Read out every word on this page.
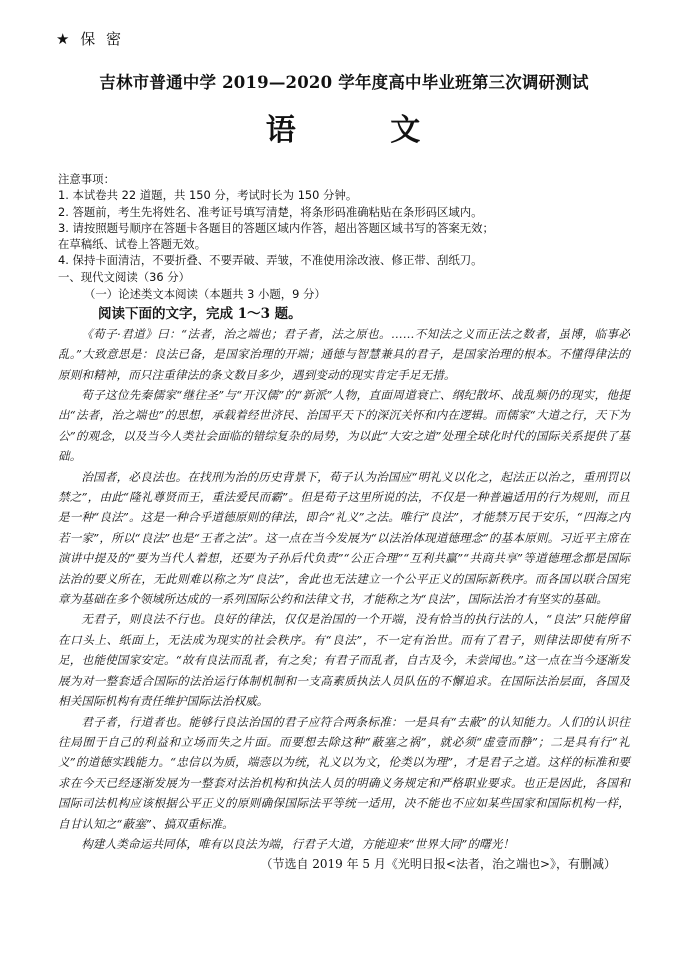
★ 保 密
吉林市普通中学 2019—2020 学年度高中毕业班第三次调研测试
语 文
注意事项：
1. 本试卷共 22 道题，共 150 分，考试时长为 150 分钟。
2. 答题前，考生先将姓名、准考证号填写清楚，将条形码准确粘贴在条形码区域内。
3. 请按照题号顺序在答题卡各题目的答题区域内作答，超出答题区域书写的答案无效；
在草稿纸、试卷上答题无效。
4. 保持卡面清洁，不要折叠、不要弄破、弄皱，不准使用涂改液、修正带、刮纸刀。
一、现代文阅读（36 分）
（一）论述类文本阅读（本题共 3 小题，9 分）
阅读下面的文字，完成 1～3 题。

《荀子·君道》曰：“法者，治之端也；君子者，法之原也。……不知法之义而正法之数者，虽博，临事必乱。”大致意思是：良法已备，是国家治理的开端；通德与智慧兼具的君子，是国家治理的根本。不懂得律法的原则和精神，而只注重律法的条文数目多少，遇到变动的现实肯定手足无措。

荀子这位先秦儒家“继往圣”与“开汉儒”的“新派”人物，直面周道衰亡、纲纪散坏、战乱频仍的现实，他提出“法者，治之端也”的思想，承载着经世济民、治国平天下的深沉关怀和内在逻辑。而儒家“大道之行，天下为公”的观念，以及当今人类社会面临的错综复杂的局势，为以此“大安之道”处理全球化时代的国际关系提供了基础。

治国者，必良法也。在找刑为治的历史背景下，荀子认为治国应“明礼义以化之，起法正以治之，重刑罚以禁之”，由此“隆礼尊贤而王，重法爱民而霸”。但是荀子这里所说的法，不仅是一种普遍适用的行为规则，而且是一种“良法”。这是一种合乎道德原则的律法，即合“礼义”之法。唯行“良法”，才能禁万民于安乐，“四海之内若一家”，所以“良法”也是“王者之法”。这一点在当今发展为“以法治体现道德理念”的基本原则。习近平主席在演讲中提及的“要为当代人着想，还要为子孙后代负责”“公正合理”“互利共赢”“共商共享”等道德理念都是国际法治的要义所在，无此则难以称之为“良法”，舍此也无法建立一个公平正义的国际新秩序。而各国以联合国宪章为基础在多个领域所达成的一系列国际公约和法律文书，才能称之为“良法”，国际法治才有坚实的基础。

无君子，则良法不行也。良好的律法，仅仅是治国的一个开端，没有恰当的执行法的人，“良法”只能停留在口头上、纸面上，无法成为现实的社会秩序。有“良法”，不一定有治世。而有了君子，则律法即使有所不足，也能使国家安定。“故有良法而乱者，有之矣；有君子而乱者，自古及今，未尝闻也。”这一点在当今逐渐发展为对一整套适合国际的法治运行体制机制和一支高素质执法人员队伍的不懈追求。在国际法治层面，各国及相关国际机构有责任维护国际法治权威。

君子者，行道者也。能够行良法治国的君子应符合两条标准：一是具有“去蔽”的认知能力。人们的认识往往局囿于自己的利益和立场而失之片面。而要想去除这种“蔽塞之祸”，就必须“虚壹而静”；二是具有行“礼义”的道德实践能力。“忠信以为质，端悫以为统，礼义以为文，伦类以为理”，才是君子之道。这样的标准和要求在今天已经逐渐发展为一整套对法治机构和执法人员的明确义务规定和严格职业要求。也正是因此，各国和国际司法机构应该根据公平正义的原则确保国际法平等统一适用，决不能也不应如某些国家和国际机构一样，自甘认知之“蔽塞”、搞双重标准。

构建人类命运共同体，唯有以良法为端，行君子大道，方能迎来“世界大同”的曙光！

（节选自 2019 年 5 月《光明日报<法者，治之端也>》，有删减）
